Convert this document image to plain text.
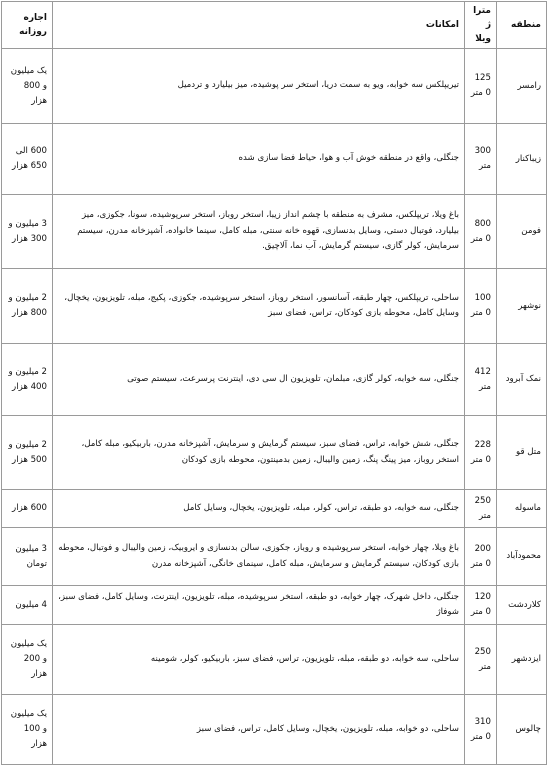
منطقه	متراژ ویلا	امکانات	اجاره روزانه
رامسر	1250 متر	تیریپلکس سه خوابه، ویو به سمت دریا، استخر سر پوشیده، میز بیلیارد و تردمیل	یک میلیون و 800 هزار
زیباکنار	300 متر	جنگلی، واقع در منطقه خوش آب و هوا، حیاط فضا سازی شده	600 الی 650 هزار
فومن	8000 متر	باغ ویلا، تریپلکس، مشرف به منطقه با چشم انداز زیبا، استخر روباز، استخر سرپوشیده، سونا، جکوزی، میز بیلیارد، فوتبال دستی، وسایل بدنسازی، قهوه خانه سنتی، مبله کامل، سینما خانواده، آشپزخانه مدرن، سیستم سرمایش، کولر گازی، سیستم گرمایش، آب نما، آلاچیق.	3 میلیون و 300 هزار
نوشهر	1000 متر	ساحلی، تریپلکس، چهار طبقه، آسانسور، استخر روباز، استخر سرپوشیده، جکوزی، پکیج، مبله، تلویزیون، یخچال، وسایل کامل، محوطه بازی کودکان، تراس، فضای سبز	2 میلیون و 800 هزار
نمک آبرود	412 متر	جنگلی، سه خوابه، کولر گازی، مبلمان، تلویزیون ال سی دی، اینترنت پرسرعت، سیستم صوتی	2 میلیون و 400 هزار
متل قو	2280 متر	جنگلی، شش خوابه، تراس، فضای سبز، سیستم گرمایش و سرمایش، آشپزخانه مدرن، باربیکیو، مبله کامل، استخر روباز، میز پینگ پنگ، زمین والیبال، زمین بدمینتون، محوطه بازی کودکان	2 میلیون و 500 هزار
ماسوله	250 متر	جنگلی، سه خوابه، دو طبقه، تراس، کولر، مبله، تلویزیون، یخچال، وسایل کامل	600 هزار
محمودآباد	2000 متر	باغ ویلا، چهار خوابه، استخر سرپوشیده و روباز، جکوزی، سالن بدنسازی و ایروبیک، زمین والیبال و فوتبال، محوطه بازی کودکان، سیستم گرمایش و سرمایش، مبله کامل، سینمای خانگی، آشپزخانه مدرن	3 میلیون تومان
کلاردشت	1200 متر	جنگلی، داخل شهرک، چهار خوابه، دو طبقه، استخر سرپوشیده، مبله، تلویزیون، اینترنت، وسایل کامل، فضای سبز، شوفاژ	4 میلیون
ایزدشهر	250 متر	ساحلی، سه خوابه، دو طبقه، مبله، تلویزیون، تراس، فضای سبز، باربیکیو، کولر، شومینه	یک میلیون و 200 هزار
چالوس	3100 متر	ساحلی، دو خوابه، مبله، تلویزیون، یخچال، وسایل کامل، تراس، فضای سبز	یک میلیون و 100 هزار
